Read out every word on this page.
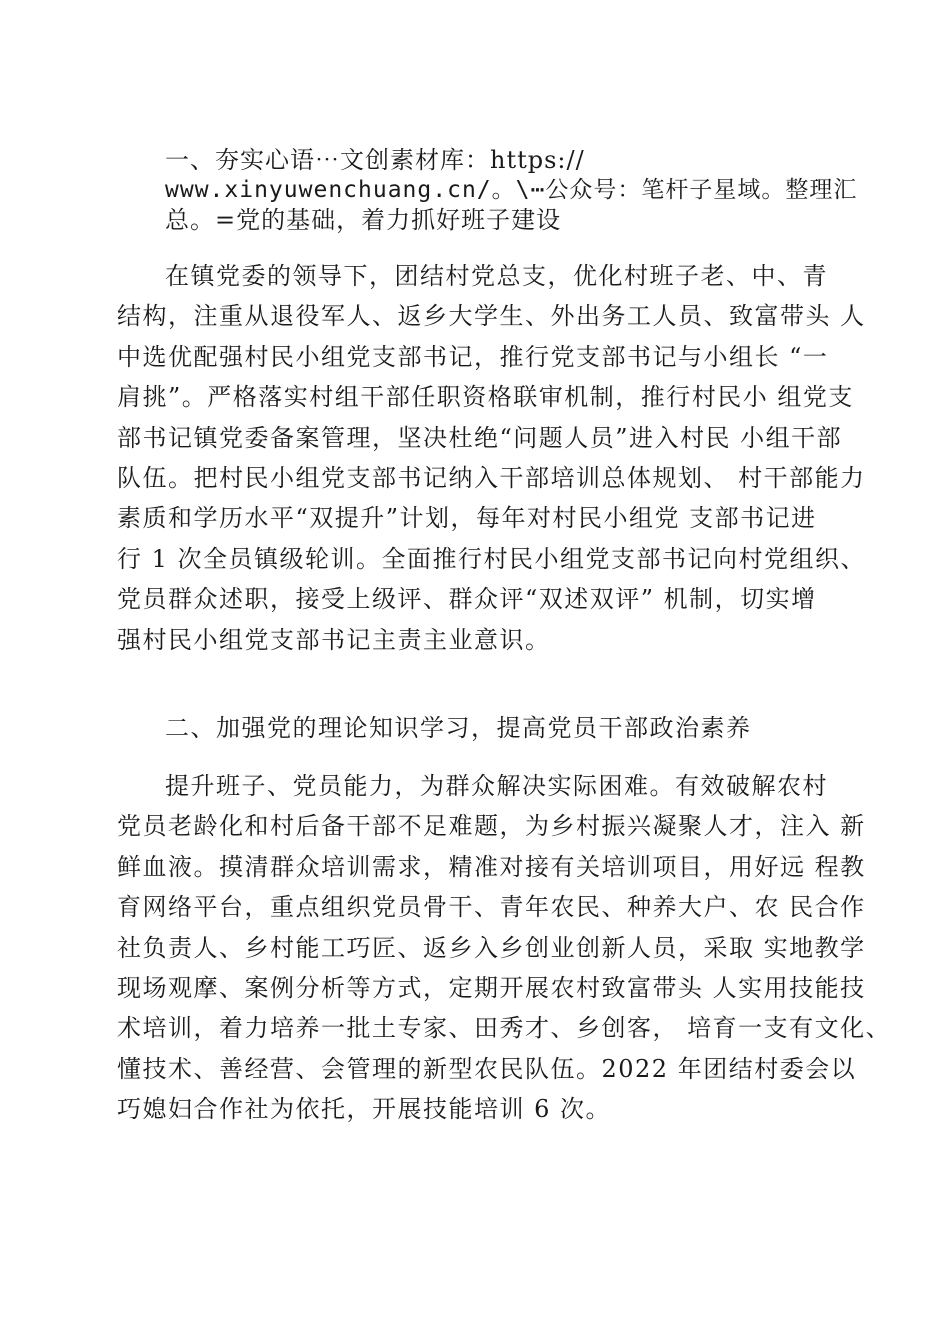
一、夯实心语⋯文创素材库：https://
www.xinyuwenchuang.cn/。\⋯公众号：笔杆子星域。整理汇
总。=党的基础，着力抓好班子建设
在镇党委的领导下，团结村党总支，优化村班子老、中、青
结构，注重从退役军人、返乡大学生、外出务工人员、致富带头 人
中选优配强村民小组党支部书记，推行党支部书记与小组长 “一
肩挑”。严格落实村组干部任职资格联审机制，推行村民小 组党支
部书记镇党委备案管理，坚决杜绝“问题人员”进入村民 小组干部
队伍。把村民小组党支部书记纳入干部培训总体规划、 村干部能力
素质和学历水平“双提升”计划，每年对村民小组党 支部书记进
行 1 次全员镇级轮训。全面推行村民小组党支部书记向村党组织、
党员群众述职，接受上级评、群众评“双述双评” 机制，切实增
强村民小组党支部书记主责主业意识。
二、加强党的理论知识学习，提高党员干部政治素养
提升班子、党员能力，为群众解决实际困难。有效破解农村
党员老龄化和村后备干部不足难题，为乡村振兴凝聚人才，注入 新
鲜血液。摸清群众培训需求，精准对接有关培训项目，用好远 程教
育网络平台，重点组织党员骨干、青年农民、种养大户、农 民合作
社负责人、乡村能工巧匠、返乡入乡创业创新人员，采取 实地教学
现场观摩、案例分析等方式，定期开展农村致富带头 人实用技能技
术培训，着力培养一批土专家、田秀才、乡创客， 培育一支有文化、
懂技术、善经营、会管理的新型农民队伍。2022 年团结村委会以
巧媳妇合作社为依托，开展技能培训 6 次。
